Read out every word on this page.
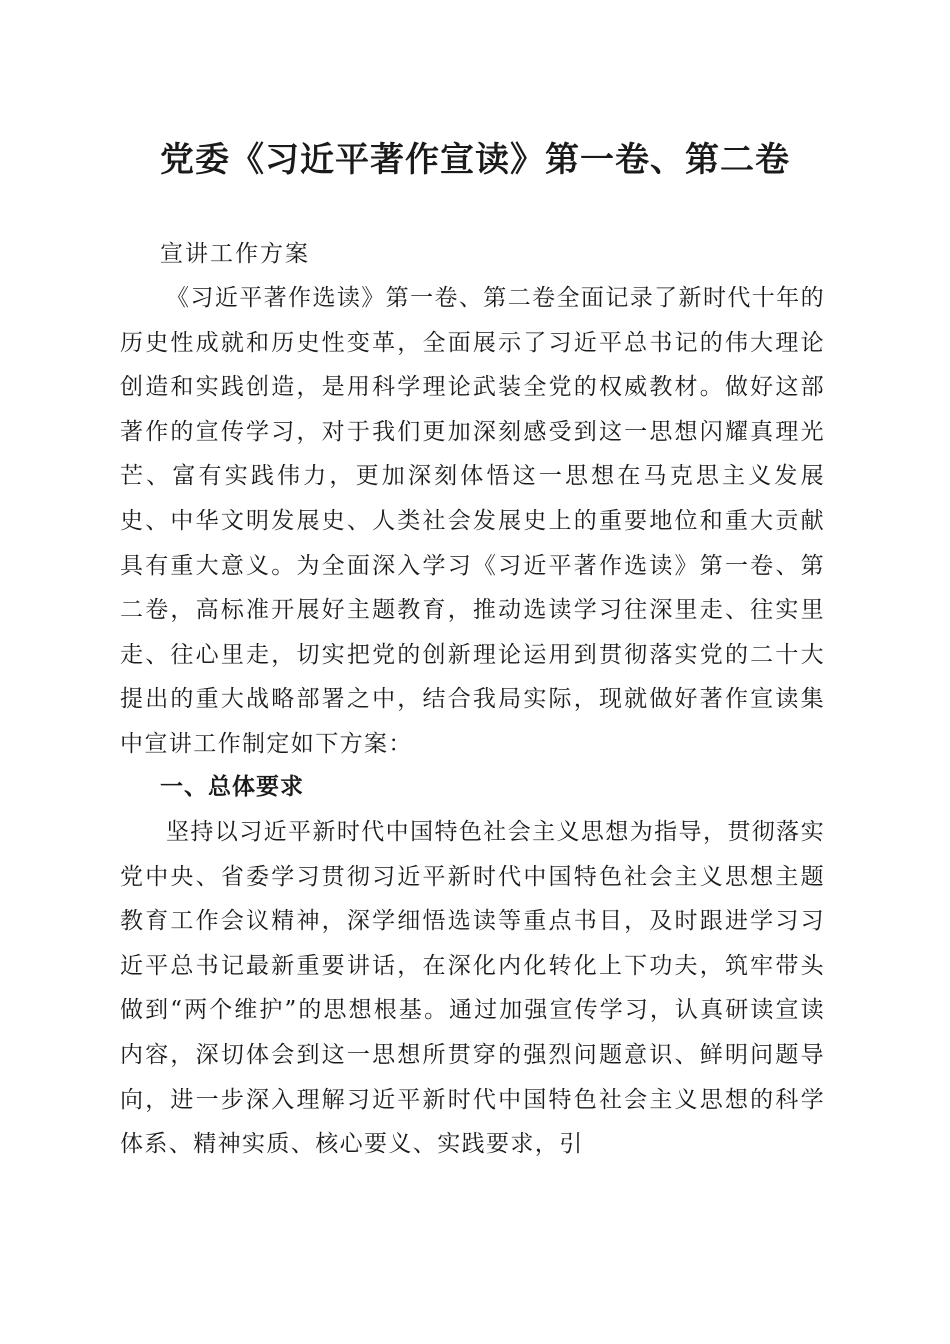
党委《习近平著作宣读》第一卷、第二卷

宣讲工作方案

《习近平著作选读》第一卷、第二卷全面记录了新时代十年的历史性成就和历史性变革，全面展示了习近平总书记的伟大理论创造和实践创造，是用科学理论武装全党的权威教材。做好这部著作的宣传学习，对于我们更加深刻感受到这一思想闪耀真理光芒、富有实践伟力，更加深刻体悟这一思想在马克思主义发展史、中华文明发展史、人类社会发展史上的重要地位和重大贡献具有重大意义。为全面深入学习《习近平著作选读》第一卷、第二卷，高标准开展好主题教育，推动选读学习往深里走、往实里走、往心里走，切实把党的创新理论运用到贯彻落实党的二十大提出的重大战略部署之中，结合我局实际，现就做好著作宣读集中宣讲工作制定如下方案：

一、总体要求

坚持以习近平新时代中国特色社会主义思想为指导，贯彻落实党中央、省委学习贯彻习近平新时代中国特色社会主义思想主题教育工作会议精神，深学细悟选读等重点书目，及时跟进学习习近平总书记最新重要讲话，在深化内化转化上下功夫，筑牢带头做到“两个维护”的思想根基。通过加强宣传学习，认真研读宣读内容，深切体会到这一思想所贯穿的强烈问题意识、鲜明问题导向，进一步深入理解习近平新时代中国特色社会主义思想的科学体系、精神实质、核心要义、实践要求，引
